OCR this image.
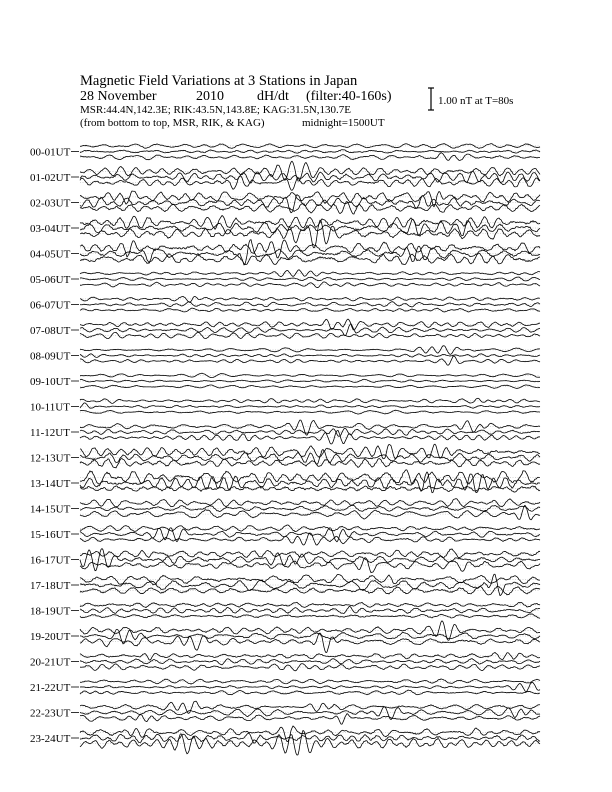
Magnetic Field Variations at 3 Stations in Japan
28 November	2010 dH/dt (filter:40-160s)
MSR:44.4N,142.3E; RIK:43.5N,143.8E; KAG:31.5N,130.7E
(from bottom to top, MSR, RIK, & KAG)	midnight=1500UT
1.00 nT at T=80s
00-01UT
01-02UT
02-03UT
03-04UT
04-05UT
05-06UT
06-07UT
07-08UT
08-09UT
09-10UT
10-11UT
11-12UT
12-13UT
13-14UT
14-15UT
15-16UT
16-17UT
17-18UT
18-19UT
19-20UT
20-21UT
21-22UT
22-23UT
23-24UT
